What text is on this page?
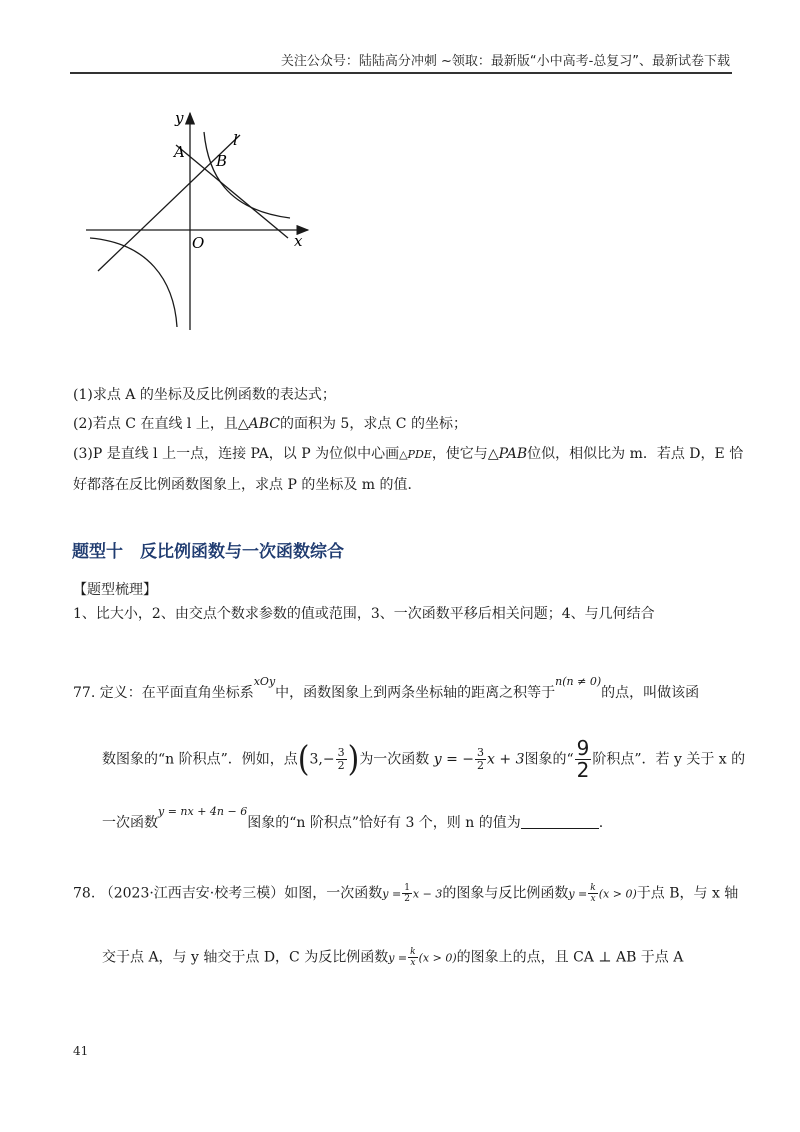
关注公众号：陆陆高分冲刺 ~领取：最新版“小中高考-总复习”、最新试卷下载
y
A B
l
O	x
(1)求点 A 的坐标及反比例函数的表达式；
(2)若点 C 在直线 l 上，且△ABC的面积为 5，求点 C 的坐标；
(3)P 是直线 l 上一点，连接 PA，以 P 为位似中心画△PDE，使它与△PAB位似，相似比为 m．若点 D，E 恰
好都落在反比例函数图象上，求点 P 的坐标及 m 的值．
题型十　反比例函数与一次函数综合
【题型梳理】
1、比大小，2、由交点个数求参数的值或范围，3、一次函数平移后相关问题；4、与几何结合
77. 定义：在平面直角坐标系$^{xOy}$中，函数图象上到两条坐标轴的距离之积等于$^{n(n \ne 0)}$的点，叫做该函
数图象的“n 阶积点”．例如，点($3,- \frac{3}{2}$ )为一次函数 y = − $\frac{3}{2}$ x + 3图象的“ $\frac{9}{2}$ 阶积点”．若 y 关于 x 的
一次函数$^{y = nx + 4n - 6}$图象的“n 阶积点”恰好有 3 个，则 n 的值为	.
78. （2023·江西吉安·校考三模）如图，一次函数$y = \frac{1}{2}$ x − 3的图象与反比例函数$y = \frac{k}{x} (x > 0)$于点 B，与 x 轴
交于点 A，与 y 轴交于点 D，C 为反比例函数$y = \frac{k}{x} (x > 0)$的图象上的点，且 CA ⊥ AB 于点 A
41
